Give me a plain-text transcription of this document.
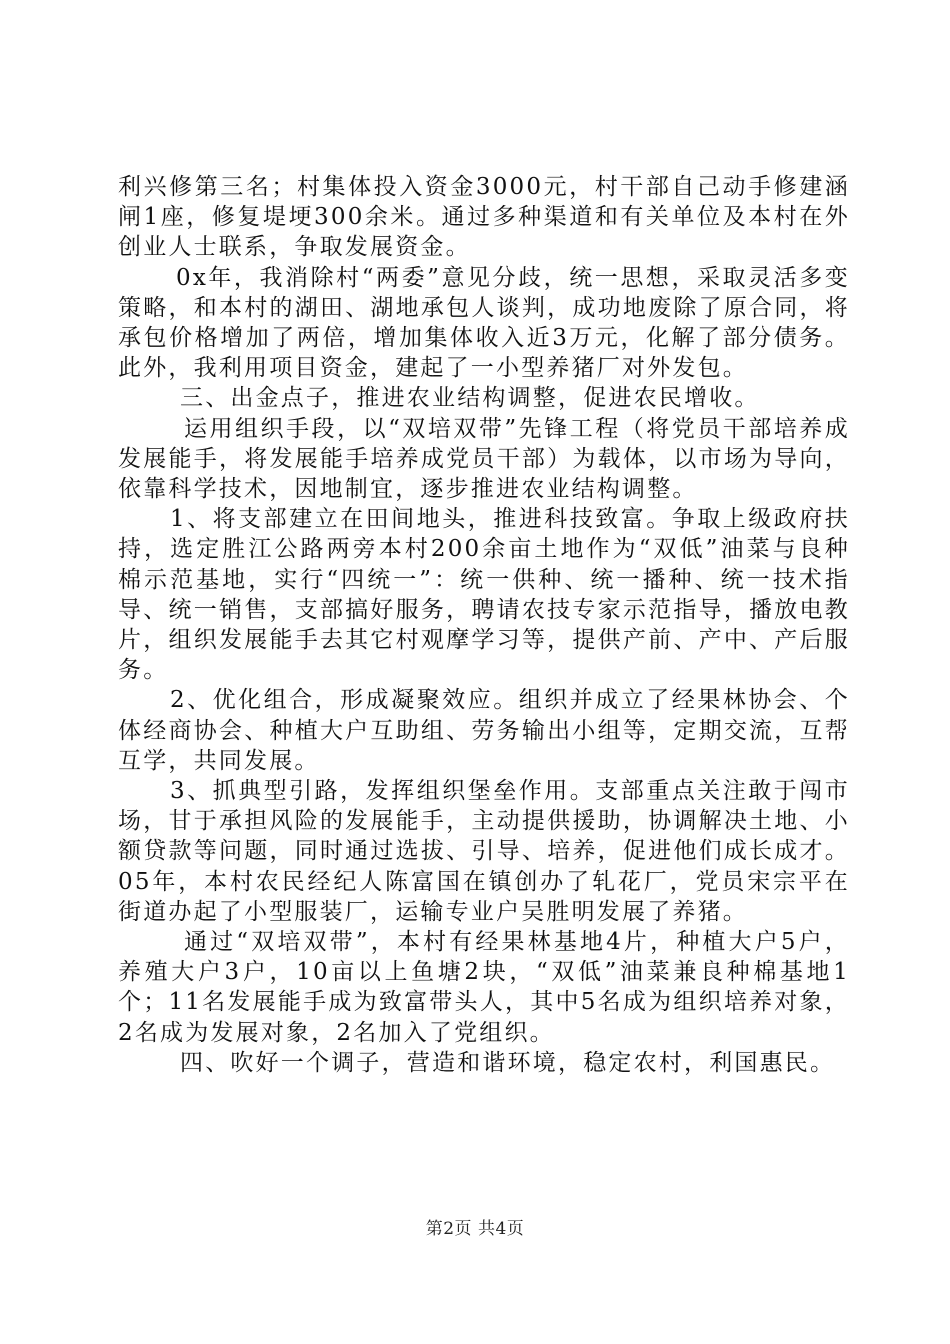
利兴修第三名；村集体投入资金3000元，村干部自己动手修建涵闸1座，修复堤埂300余米。通过多种渠道和有关单位及本村在外创业人士联系，争取发展资金。

0x年，我消除村“两委”意见分歧，统一思想，采取灵活多变策略，和本村的湖田、湖地承包人谈判，成功地废除了原合同，将承包价格增加了两倍，增加集体收入近3万元，化解了部分债务。此外，我利用项目资金，建起了一小型养猪厂对外发包。

三、出金点子，推进农业结构调整，促进农民增收。

运用组织手段，以“双培双带”先锋工程（将党员干部培养成发展能手，将发展能手培养成党员干部）为载体，以市场为导向，依靠科学技术，因地制宜，逐步推进农业结构调整。

1、将支部建立在田间地头，推进科技致富。争取上级政府扶持，选定胜江公路两旁本村200余亩土地作为“双低”油菜与良种棉示范基地，实行“四统一”：统一供种、统一播种、统一技术指导、统一销售，支部搞好服务，聘请农技专家示范指导，播放电教片，组织发展能手去其它村观摩学习等，提供产前、产中、产后服务。

2、优化组合，形成凝聚效应。组织并成立了经果林协会、个体经商协会、种植大户互助组、劳务输出小组等，定期交流，互帮互学，共同发展。

3、抓典型引路，发挥组织堡垒作用。支部重点关注敢于闯市场，甘于承担风险的发展能手，主动提供援助，协调解决土地、小额贷款等问题，同时通过选拔、引导、培养，促进他们成长成才。05年，本村农民经纪人陈富国在镇创办了轧花厂，党员宋宗平在街道办起了小型服装厂，运输专业户吴胜明发展了养猪。

通过“双培双带”，本村有经果林基地4片，种植大户5户，养殖大户3户，10亩以上鱼塘2块，“双低”油菜兼良种棉基地1个；11名发展能手成为致富带头人，其中5名成为组织培养对象，2名成为发展对象，2名加入了党组织。

四、吹好一个调子，营造和谐环境，稳定农村，利国惠民。

第2页 共4页
